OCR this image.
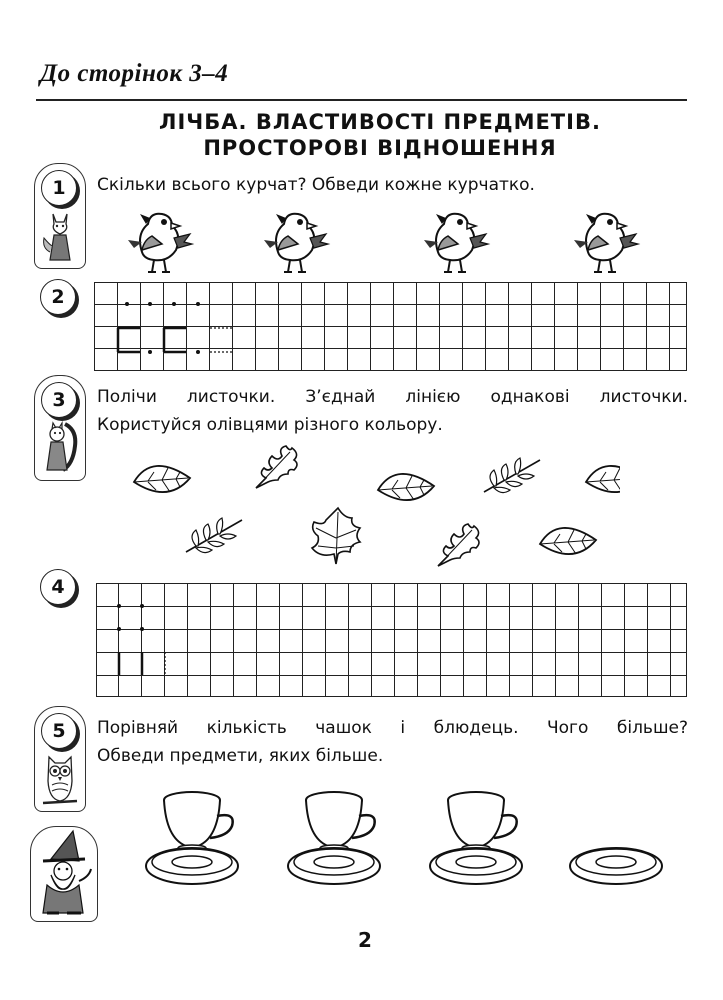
До сторінок 3–4
ЛІЧБА. ВЛАСТИВОСТІ ПРЕДМЕТІВ.
ПРОСТОРОВІ ВІДНОШЕННЯ
1	Скільки всього курчат? Обведи кожне курчатко.
2
3	Полічи листочки. З’єднай лінією однакові листочки.
Користуйся олівцями різного кольору.
4
5	Порівняй кількість чашок і блюдець. Чого більше?
Обведи предмети, яких більше.
2
